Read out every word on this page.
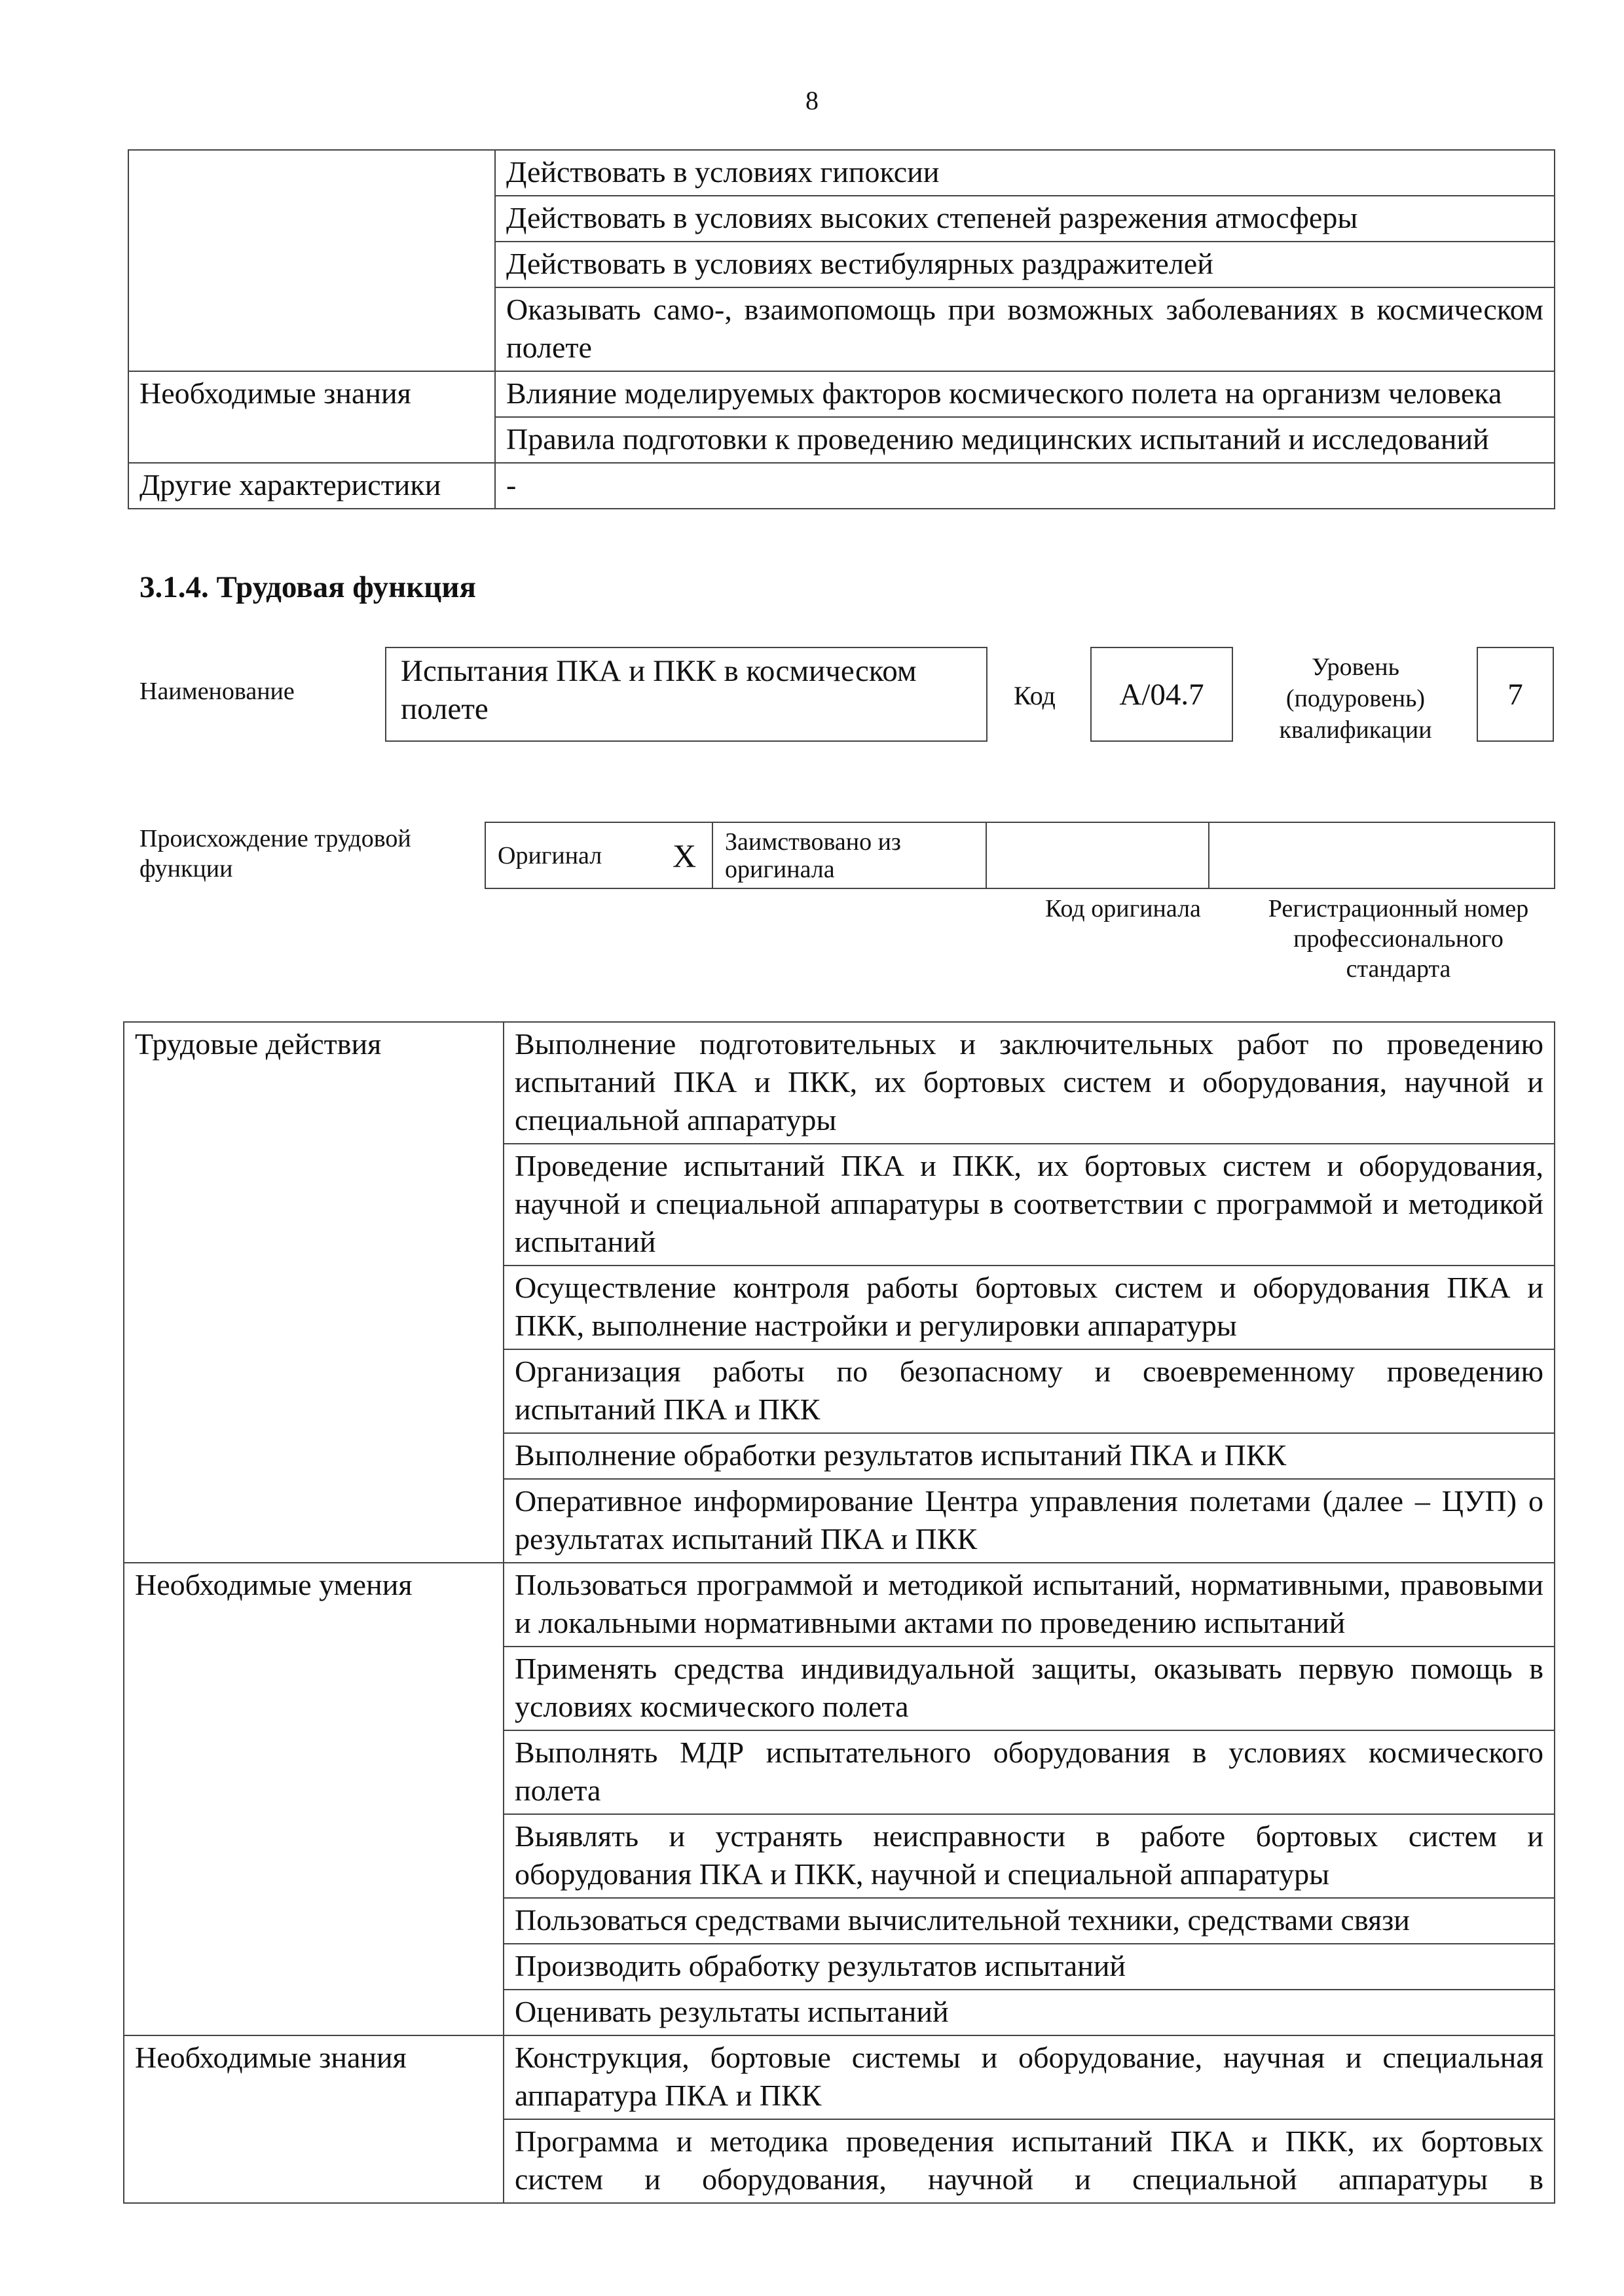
8
	Действовать в условиях гипоксии
	Действовать в условиях высоких степеней разрежения атмосферы
	Действовать в условиях вестибулярных раздражителей
	Оказывать само-, взаимопомощь при возможных заболеваниях в космическом полете
Необходимые знания	Влияние моделируемых факторов космического полета на организм человека
	Правила подготовки к проведению медицинских испытаний и исследований
Другие характеристики	-
3.1.4. Трудовая функция
Наименование
Испытания ПКА и ПКК в космическом полете	Код	А/04.7
Уровень (подуровень) квалификации
7
Происхождение трудовой функции	Оригинал	X	Заимствовано из оригинала		
Код оригинала	Регистрационный номер профессионального стандарта
Трудовые действия	Выполнение подготовительных и заключительных работ по проведению испытаний ПКА и ПКК, их бортовых систем и оборудования, научной и специальной аппаратуры
	Проведение испытаний ПКА и ПКК, их бортовых систем и оборудования, научной и специальной аппаратуры в соответствии с программой и методикой испытаний
	Осуществление контроля работы бортовых систем и оборудования ПКА и ПКК, выполнение настройки и регулировки аппаратуры
	Организация работы по безопасному и своевременному проведению испытаний ПКА и ПКК
	Выполнение обработки результатов испытаний ПКА и ПКК
	Оперативное информирование Центра управления полетами (далее – ЦУП) о результатах испытаний ПКА и ПКК
Необходимые умения	Пользоваться программой и методикой испытаний, нормативными, правовыми и локальными нормативными актами по проведению испытаний
	Применять средства индивидуальной защиты, оказывать первую помощь в условиях космического полета
	Выполнять МДР испытательного оборудования в условиях космического полета
	Выявлять и устранять неисправности в работе бортовых систем и оборудования ПКА и ПКК, научной и специальной аппаратуры
	Пользоваться средствами вычислительной техники, средствами связи
	Производить обработку результатов испытаний
	Оценивать результаты испытаний
Необходимые знания	Конструкция, бортовые системы и оборудование, научная и специальная аппаратура ПКА и ПКК
	Программа и методика проведения испытаний ПКА и ПКК, их бортовых систем и оборудования, научной и специальной аппаратуры в
